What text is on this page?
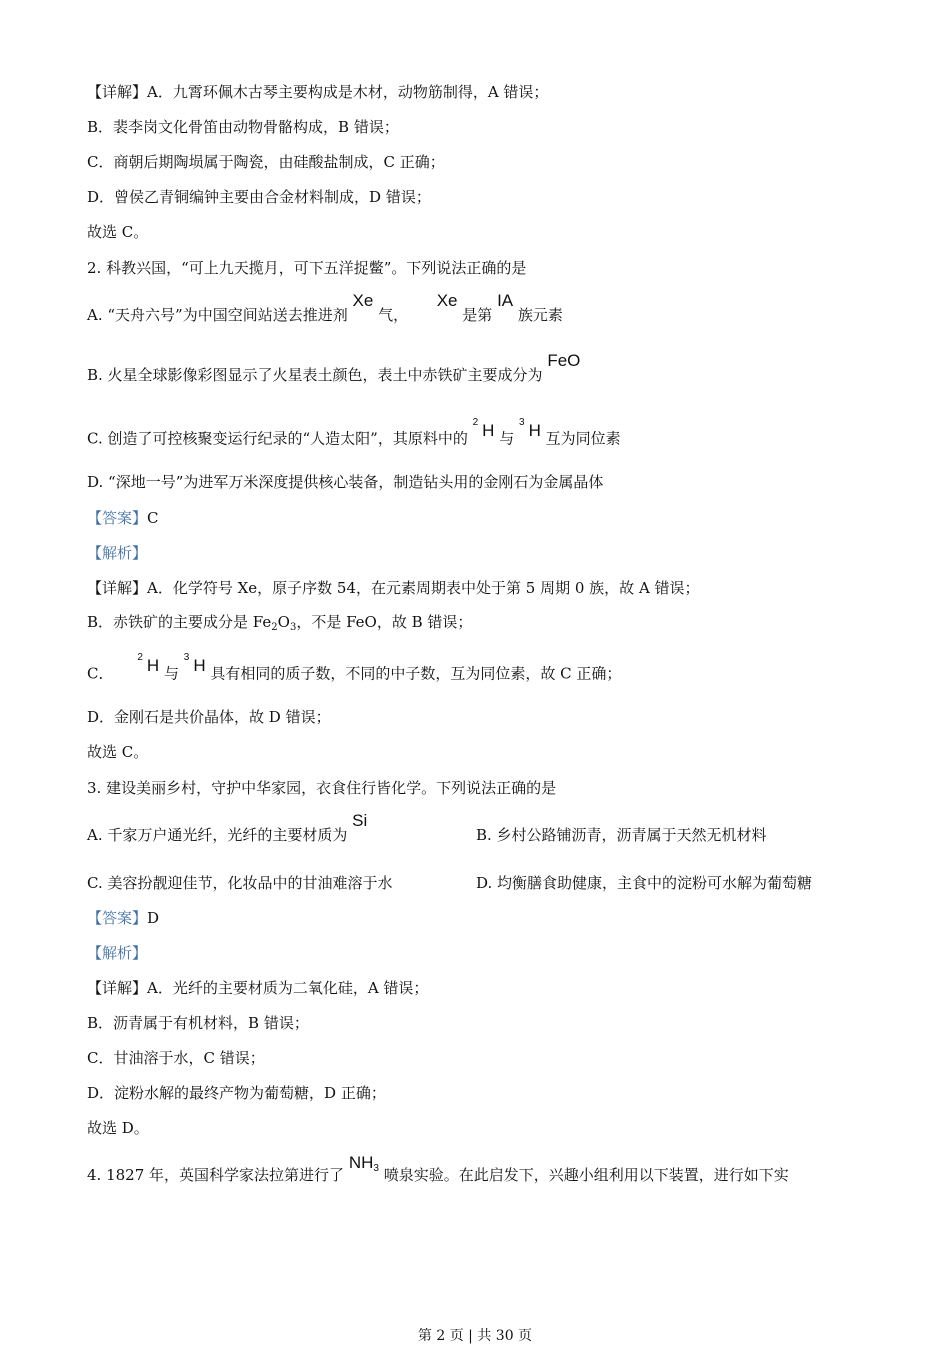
【详解】A．九霄环佩木古琴主要构成是木材，动物筋制得，A 错误；
B．裴李岗文化骨笛由动物骨骼构成，B 错误；
C．商朝后期陶埙属于陶瓷，由硅酸盐制成，C 正确；
D．曾侯乙青铜编钟主要由合金材料制成，D 错误；
故选 C。
2. 科教兴国，“可上九天揽月，可下五洋捉鳖”。下列说法正确的是
A. “天舟六号”为中国空间站送去推进剂 Xe 气，      Xe 是第 IA 族元素
B. 火星全球影像彩图显示了火星表土颜色，表土中赤铁矿主要成分为 FeO
C. 创造了可控核聚变运行纪录的“人造太阳”，其原料中的 $^2$ H 与 $^3$ H 互为同位素
D. “深地一号”为进军万米深度提供核心装备，制造钻头用的金刚石为金属晶体
【答案】C
【解析】
【详解】A．化学符号 Xe，原子序数 54，在元素周期表中处于第 5 周期 0 族，故 A 错误；
B．赤铁矿的主要成分是 $Fe_2O_3$，不是 FeO，故 B 错误；
C．     $^2$ H 与 $^3$ H 具有相同的质子数，不同的中子数，互为同位素，故 C 正确；
D．金刚石是共价晶体，故 D 错误；
故选 C。
3. 建设美丽乡村，守护中华家园，衣食住行皆化学。下列说法正确的是
A. 千家万户通光纤，光纤的主要材质为 Si
B. 乡村公路铺沥青，沥青属于天然无机材料
C. 美容扮靓迎佳节，化妆品中的甘油难溶于水	D. 均衡膳食助健康，主食中的淀粉可水解为葡萄糖
【答案】D
【解析】
【详解】A．光纤的主要材质为二氧化硅，A 错误；
B．沥青属于有机材料，B 错误；
C．甘油溶于水，C 错误；
D．淀粉水解的最终产物为葡萄糖，D 正确；
故选 D。
4. 1827 年，英国科学家法拉第进行了 NH3 喷泉实验。在此启发下，兴趣小组利用以下装置，进行如下实
第 2 页 | 共 30 页
